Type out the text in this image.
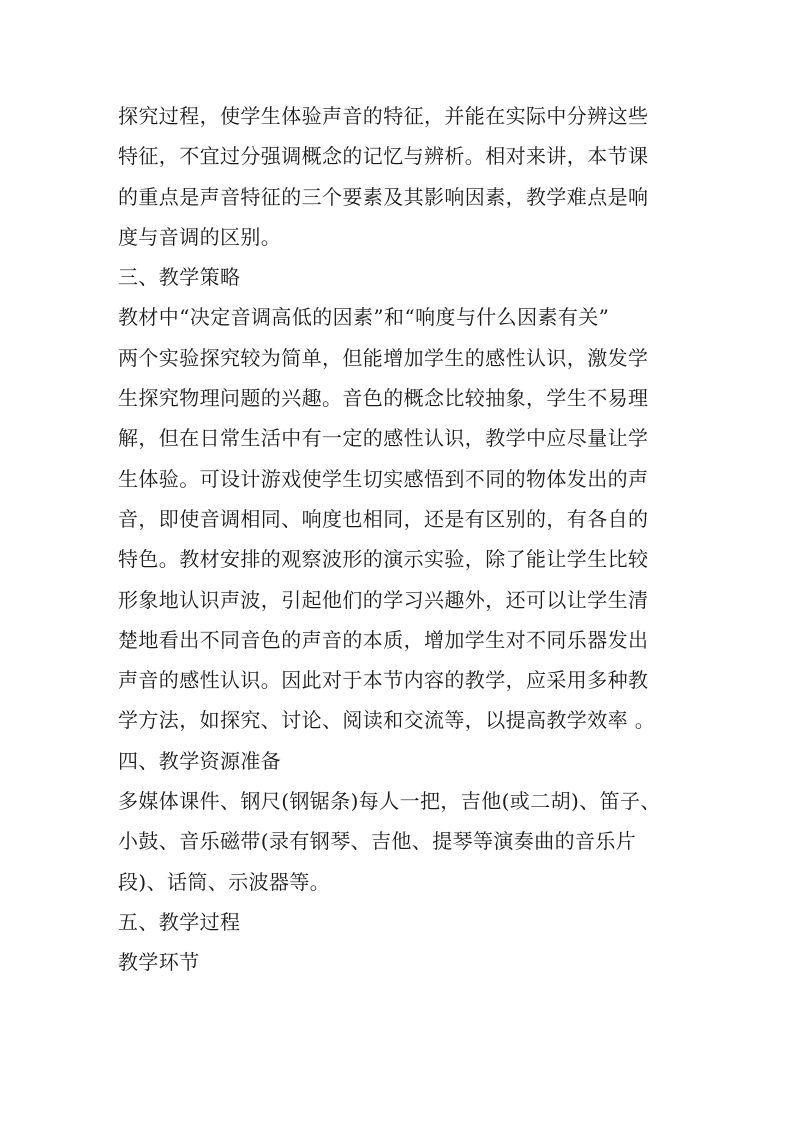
探究过程，使学生体验声音的特征，并能在实际中分辨这些
特征，不宜过分强调概念的记忆与辨析。相对来讲，本节课
的重点是声音特征的三个要素及其影响因素，教学难点是响
度与音调的区别。
三、教学策略
教材中“决定音调高低的因素”和“响度与什么因素有关”
两个实验探究较为简单，但能增加学生的感性认识，激发学
生探究物理问题的兴趣。音色的概念比较抽象，学生不易理
解，但在日常生活中有一定的感性认识，教学中应尽量让学
生体验。可设计游戏使学生切实感悟到不同的物体发出的声
音，即使音调相同、响度也相同，还是有区别的，有各自的
特色。教材安排的观察波形的演示实验，除了能让学生比较
形象地认识声波，引起他们的学习兴趣外，还可以让学生清
楚地看出不同音色的声音的本质，增加学生对不同乐器发出
声音的感性认识。因此对于本节内容的教学，应采用多种教
学方法，如探究、讨论、阅读和交流等，以提高教学效率 。
四、教学资源准备
多媒体课件、钢尺(钢锯条)每人一把，吉他(或二胡)、笛子、
小鼓、音乐磁带(录有钢琴、吉他、提琴等演奏曲的音乐片
段)、话筒、示波器等。
五、教学过程
教学环节
